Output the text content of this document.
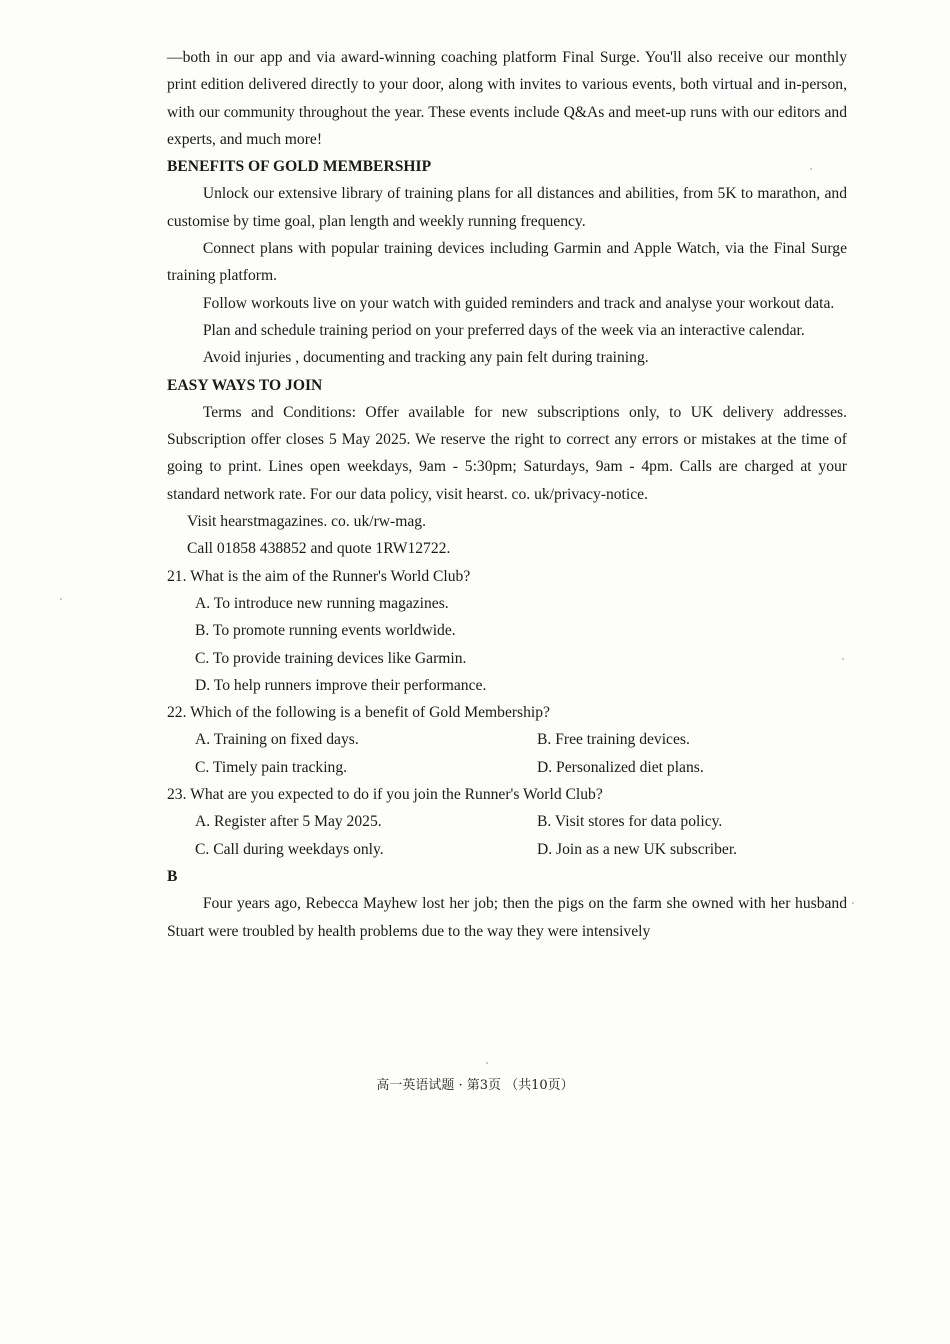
—both in our app and via award-winning coaching platform Final Surge. You'll also receive our monthly print edition delivered directly to your door, along with invites to various events, both virtual and in-person, with our community throughout the year. These events include Q&As and meet-up runs with our editors and experts, and much more!

BENEFITS OF GOLD MEMBERSHIP

Unlock our extensive library of training plans for all distances and abilities, from 5K to marathon, and customise by time goal, plan length and weekly running frequency.

Connect plans with popular training devices including Garmin and Apple Watch, via the Final Surge training platform.

Follow workouts live on your watch with guided reminders and track and analyse your workout data.

Plan and schedule training period on your preferred days of the week via an interactive calendar.

Avoid injuries , documenting and tracking any pain felt during training.

EASY WAYS TO JOIN

Terms and Conditions: Offer available for new subscriptions only, to UK delivery addresses. Subscription offer closes 5 May 2025. We reserve the right to correct any errors or mistakes at the time of going to print. Lines open weekdays, 9am - 5:30pm; Saturdays, 9am - 4pm. Calls are charged at your standard network rate. For our data policy, visit hearst. co. uk/privacy-notice.

Visit hearstmagazines. co. uk/rw-mag.

Call 01858 438852 and quote 1RW12722.

21. What is the aim of the Runner's World Club?

A. To introduce new running magazines.

B. To promote running events worldwide.

C. To provide training devices like Garmin.

D. To help runners improve their performance.

22. Which of the following is a benefit of Gold Membership?

A. Training on fixed days.	B. Free training devices.
C. Timely pain tracking.	D. Personalized diet plans.

23. What are you expected to do if you join the Runner's World Club?

A. Register after 5 May 2025.	B. Visit stores for data policy.
C. Call during weekdays only.	D. Join as a new UK subscriber.

B

Four years ago, Rebecca Mayhew lost her job; then the pigs on the farm she owned with her husband Stuart were troubled by health problems due to the way they were intensively

高一英语试题 · 第3页 （共10页）
